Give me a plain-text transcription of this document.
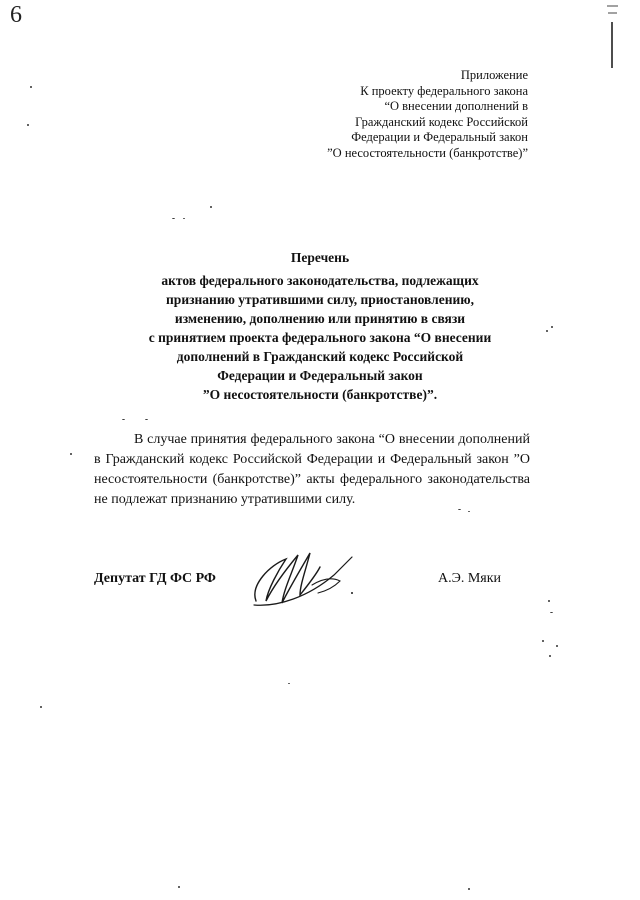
6
Приложение
К проекту федерального закона
“О внесении дополнений в
Гражданский кодекс Российской
Федерации и Федеральный закон
”О несостоятельности (банкротстве)”
Перечень
актов федерального законодательства, подлежащих
признанию утратившими силу, приостановлению,
изменению, дополнению или принятию в связи
с принятием проекта федерального закона “О внесении
дополнений в Гражданский кодекс Российской
Федерации и Федеральный закон
”О несостоятельности (банкротстве)”.
В случае принятия федерального закона “О внесении дополнений в Гражданский кодекс Российской Федерации и Федеральный закон ”О несостоятельности (банкротстве)” акты федерального законодательства не подлежат признанию утратившими силу.
Депутат ГД ФС РФ	А.Э. Мяки
